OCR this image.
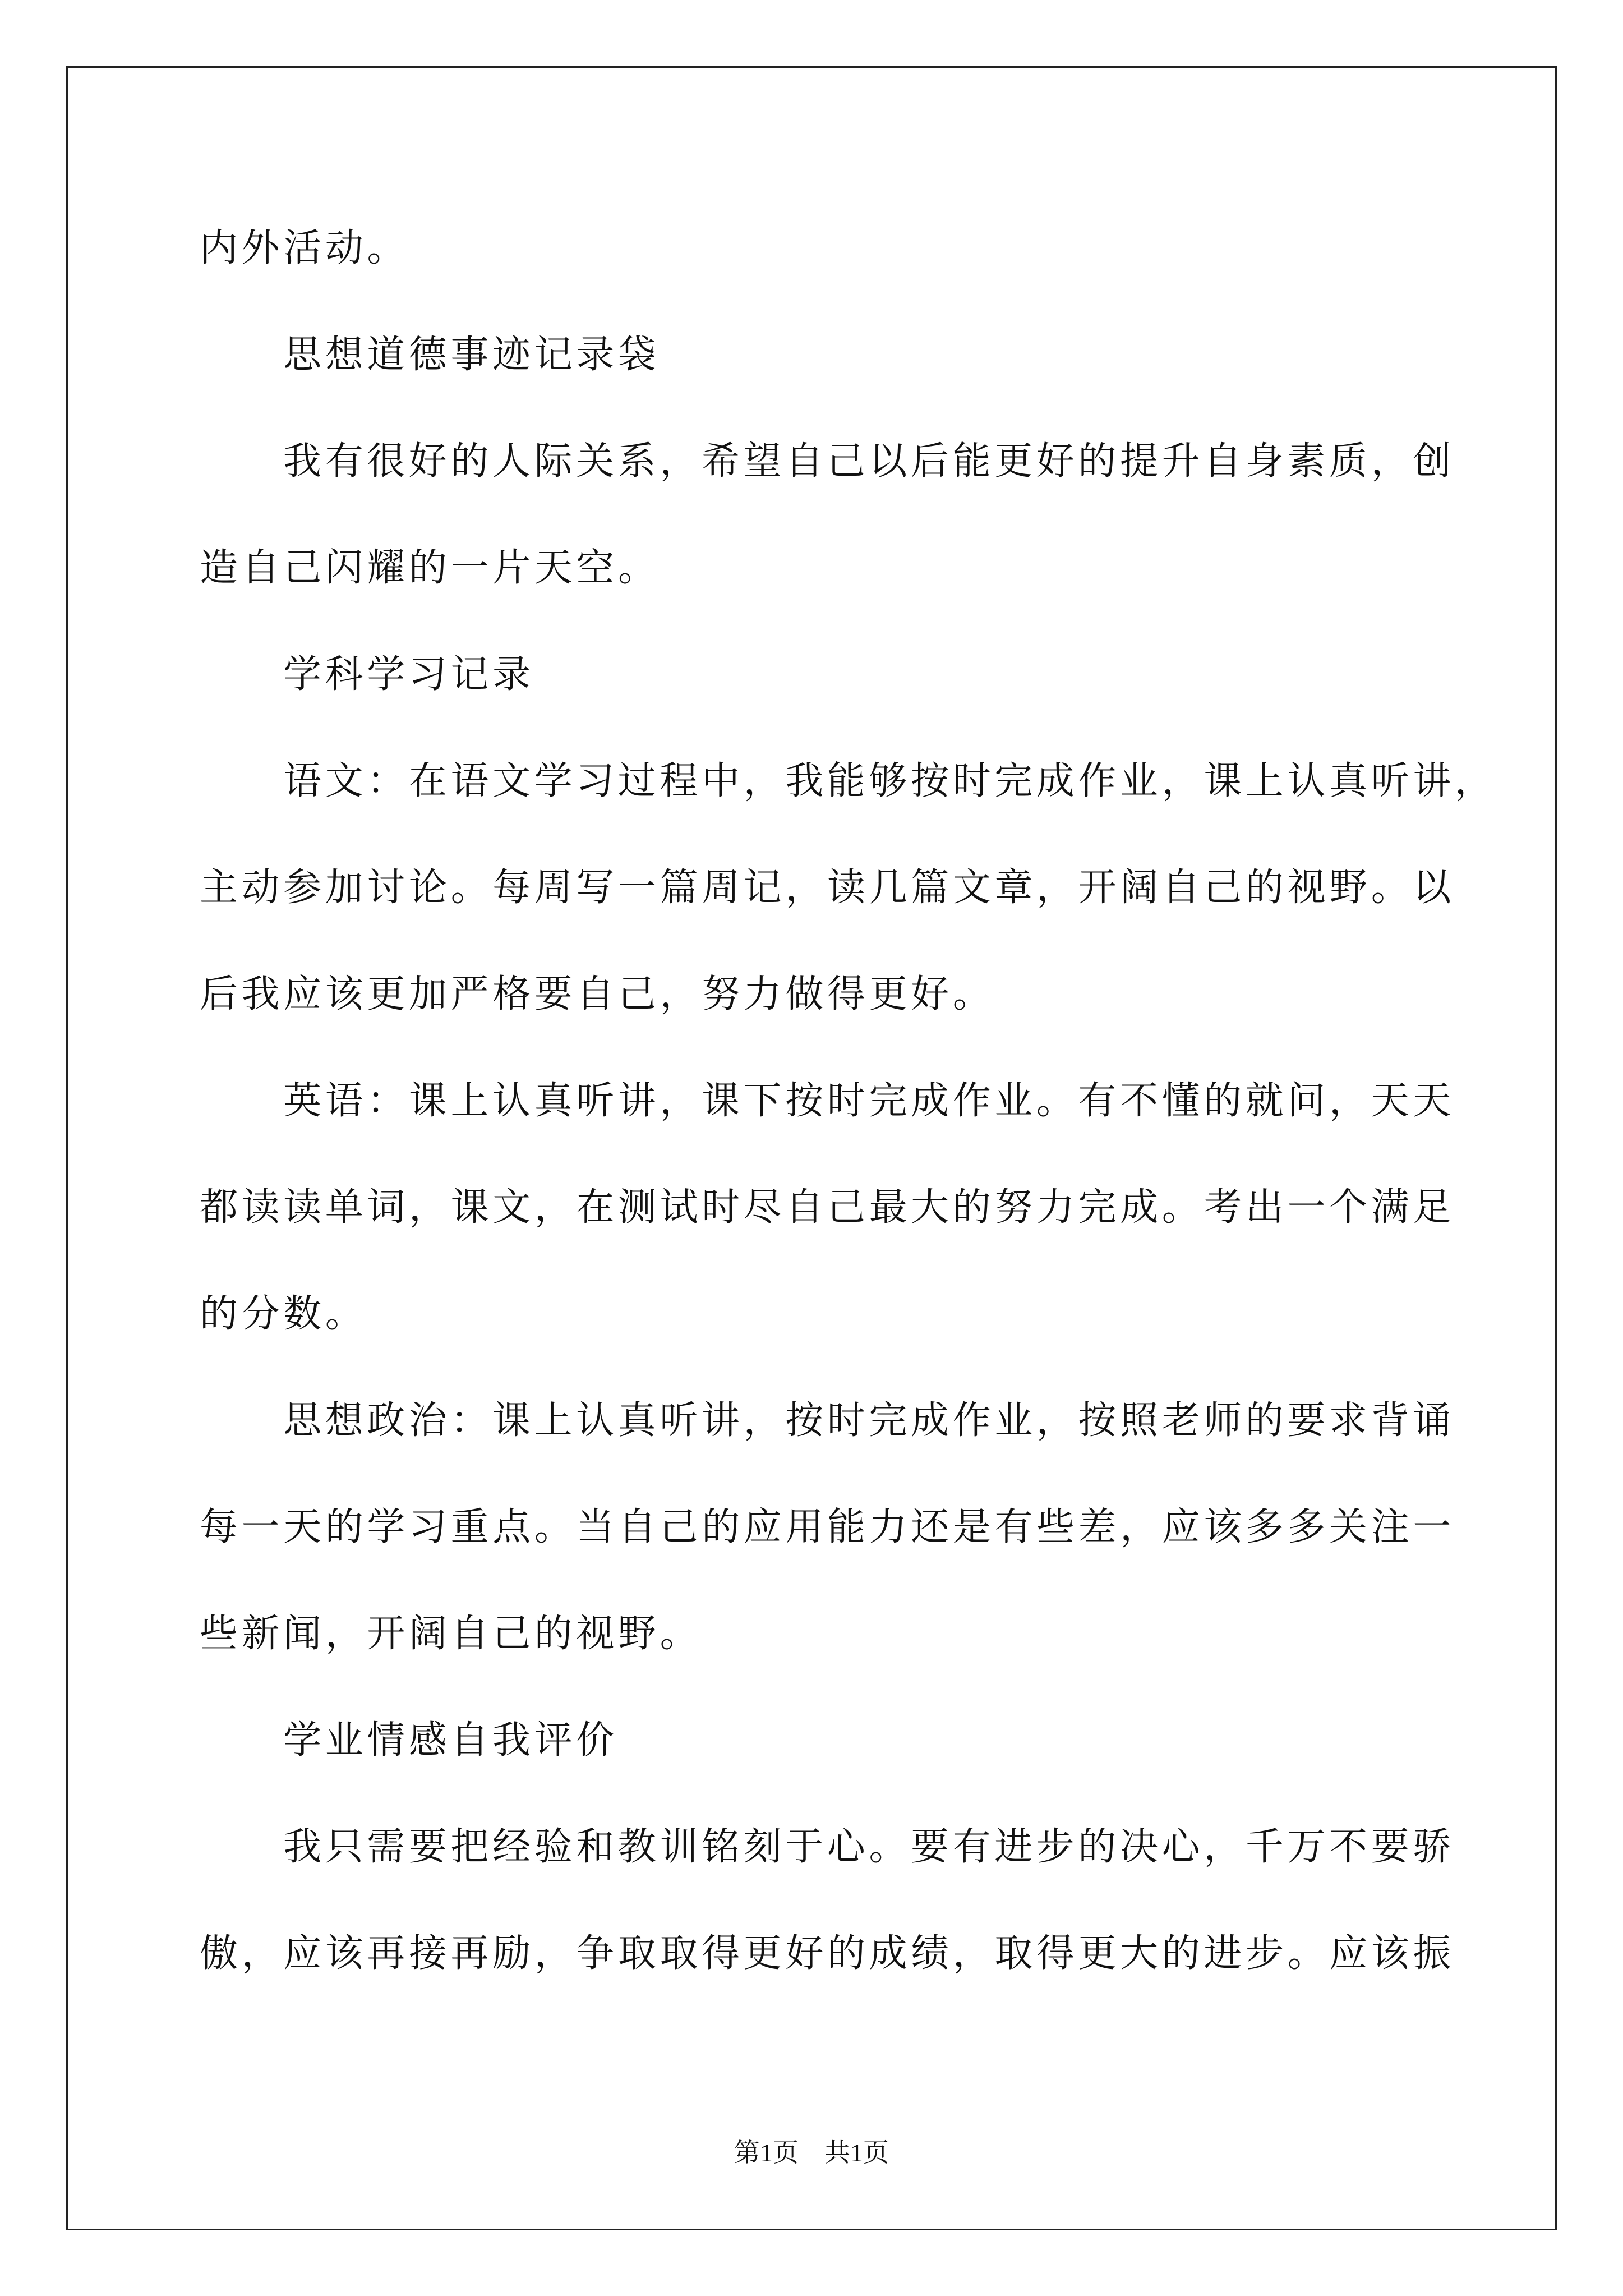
内外活动。
思想道德事迹记录袋
我有很好的人际关系，希望自己以后能更好的提升自身素质，创
造自己闪耀的一片天空。
学科学习记录
语文：在语文学习过程中，我能够按时完成作业，课上认真听讲，
主动参加讨论。每周写一篇周记，读几篇文章，开阔自己的视野。以
后我应该更加严格要自己，努力做得更好。
英语：课上认真听讲，课下按时完成作业。有不懂的就问，天天
都读读单词，课文，在测试时尽自己最大的努力完成。考出一个满足
的分数。
思想政治：课上认真听讲，按时完成作业，按照老师的要求背诵
每一天的学习重点。当自己的应用能力还是有些差，应该多多关注一
些新闻，开阔自己的视野。
学业情感自我评价
我只需要把经验和教训铭刻于心。要有进步的决心，千万不要骄
傲，应该再接再励，争取取得更好的成绩，取得更大的进步。应该振
第1页　共1页
